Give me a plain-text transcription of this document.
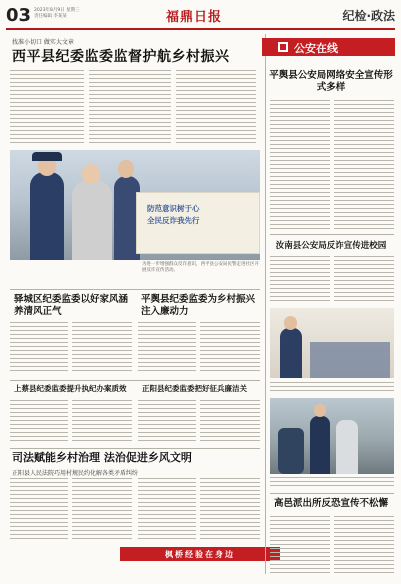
03 2023年8月9日 星期三
责任编辑 李某某	福鼎日报	纪检·政法
找准小切口 做实大文章
西平县纪委监委监督护航乡村振兴
防范意识树于心
全民反诈我先行
为进一步增强群众反诈意识，西平县公安局民警走进社区开展反诈宣传活动。
驿城区纪委监委以好家风涵养清风正气
平舆县纪委监委为乡村振兴注入廉动力
上蔡县纪委监委提升执纪办案质效	正阳县纪委监委把好征兵廉洁关
司法赋能乡村治理 法治促进乡风文明
正阳县人民法院巧用村规民约化解各类矛盾纠纷
枫桥经验在身边
公安在线
平舆县公安局网络安全宣传形式多样
汝南县公安局反诈宣传进校园
高邑派出所反恐宣传不松懈
